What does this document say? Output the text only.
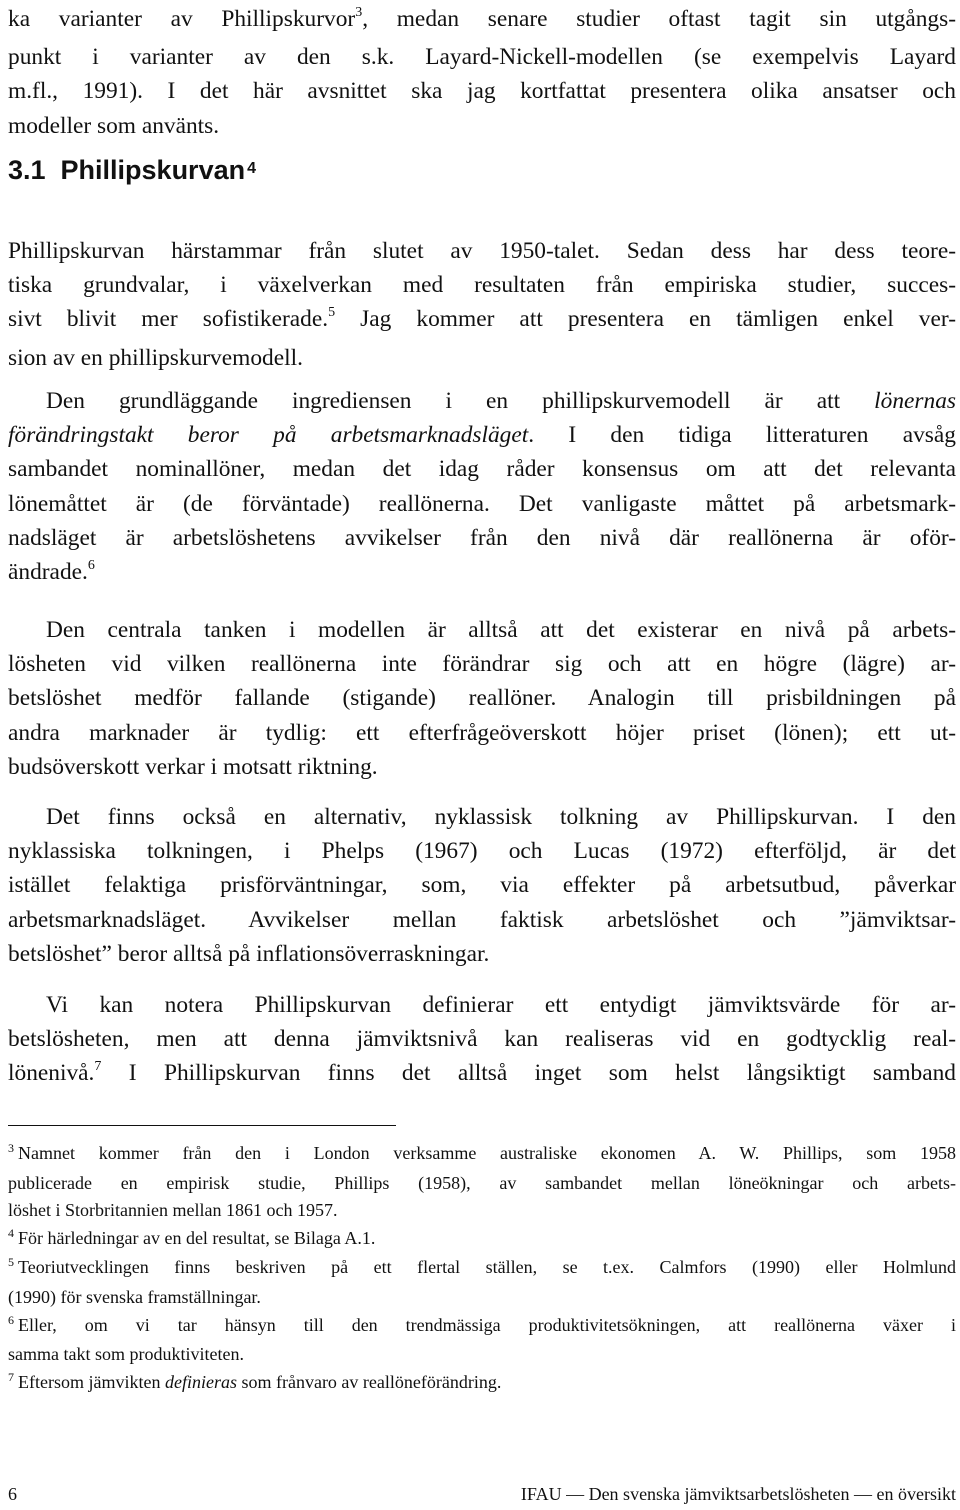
ka varianter av Phillipskurvor$^3$, medan senare studier oftast tagit sin utgångs-

punkt i varianter av den s.k. Layard-Nickell-modellen (se exempelvis Layard

m.fl., 1991). I det här avsnittet ska jag kortfattat presentera olika ansatser och

modeller som använts.

3.1  Phillipskurvan $^4$

Phillipskurvan härstammar från slutet av 1950-talet. Sedan dess har dess teore-

tiska grundvalar, i växelverkan med resultaten från empiriska studier, succes-

sivt blivit mer sofistikerade.$^5$ Jag kommer att presentera en tämligen enkel ver-

sion av en phillipskurvemodell.

Den grundläggande ingrediensen i en phillipskurvemodell är att lönernas

förändringstakt beror på arbetsmarknadsläget. I den tidiga litteraturen avsåg

sambandet nominallöner, medan det idag råder konsensus om att det relevanta

lönemåttet är (de förväntade) reallönerna. Det vanligaste måttet på arbetsmark-

nadsläget är arbetslöshetens avvikelser från den nivå där reallönerna är oför-

ändrade.$^6$

Den centrala tanken i modellen är alltså att det existerar en nivå på arbets-

lösheten vid vilken reallönerna inte förändrar sig och att en högre (lägre) ar-

betslöshet medför fallande (stigande) reallöner. Analogin till prisbildningen på

andra marknader är tydlig: ett efterfrågeöverskott höjer priset (lönen); ett ut-

budsöverskott verkar i motsatt riktning.

Det finns också en alternativ, nyklassisk tolkning av Phillipskurvan. I den

nyklassiska tolkningen, i Phelps (1967) och Lucas (1972) efterföljd, är det

istället felaktiga prisförväntningar, som, via effekter på arbetsutbud, påverkar

arbetsmarknadsläget. Avvikelser mellan faktisk arbetslöshet och ”jämviktsar-

betslöshet” beror alltså på inflationsöverraskningar.

Vi kan notera Phillipskurvan definierar ett entydigt jämviktsvärde för ar-

betslösheten, men att denna jämviktsnivå kan realiseras vid en godtycklig real-

lönenivå.$^7$ I Phillipskurvan finns det alltså inget som helst långsiktigt samband

$^3$ Namnet kommer från den i London verksamme australiske ekonomen A. W. Phillips, som 1958

publicerade en empirisk studie, Phillips (1958), av sambandet mellan löneökningar och arbets-

löshet i Storbritannien mellan 1861 och 1957.

$^4$ För härledningar av en del resultat, se Bilaga A.1.

$^5$ Teoriutvecklingen finns beskriven på ett flertal ställen, se t.ex. Calmfors (1990) eller Holmlund

(1990) för svenska framställningar.

$^6$ Eller, om vi tar hänsyn till den trendmässiga produktivitetsökningen, att reallönerna växer i

samma takt som produktiviteten.

$^7$ Eftersom jämvikten definieras som frånvaro av reallöneförändring.

6	IFAU — Den svenska jämviktsarbetslösheten — en översikt
